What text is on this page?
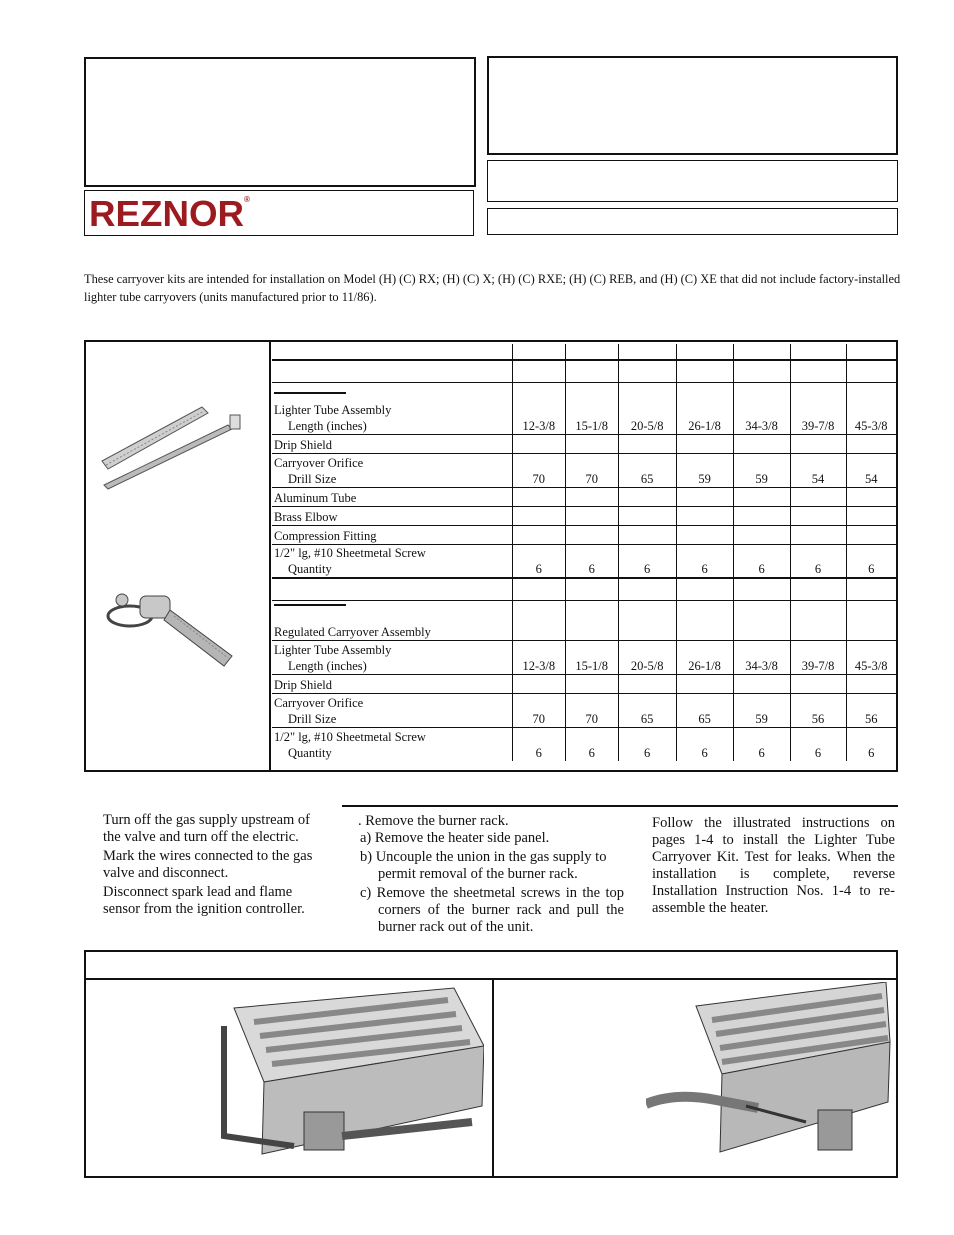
REZNOR®
These carryover kits are intended for installation on Model (H) (C) RX; (H) (C) X; (H) (C) RXE; (H) (C) REB, and (H) (C) XE that did not include factory-installed lighter tube carryovers (units manufactured prior to 11/86).

Lighter Tube Assembly
Length (inches)	12-3/8	15-1/8	20-5/8	26-1/8	34-3/8	39-7/8	45-3/8

Drip Shield							

Carryover Orifice
Drill Size	70	70	65	59	59	54	54

Aluminum Tube							

Brass Elbow							

Compression Fitting							

1/2" lg, #10 Sheetmetal Screw
Quantity	6	6	6	6	6	6	6

Regulated Carryover Assembly							

Lighter Tube Assembly
Length (inches)	12-3/8	15-1/8	20-5/8	26-1/8	34-3/8	39-7/8	45-3/8

Drip Shield							

Carryover Orifice
Drill Size	70	70	65	65	59	56	56

1/2" lg, #10 Sheetmetal Screw
Quantity	6	6	6	6	6	6	6

Turn off the gas supply upstream of the valve and turn off the electric.

Mark the wires connected to the gas valve and disconnect.

Disconnect spark lead and flame sensor from the ignition controller.

. Remove the burner rack.

a) Remove the heater side panel.

b) Uncouple the union in the gas supply to permit removal of the burner rack.

c) Remove the sheetmetal screws in the top corners of the burner rack and pull the burner rack out of the unit.

Follow the illustrated instructions on pages 1-4 to install the Lighter Tube Carryover Kit. Test for leaks. When the installation is complete, reverse Installation Instruction Nos. 1-4 to re-assemble the heater.
